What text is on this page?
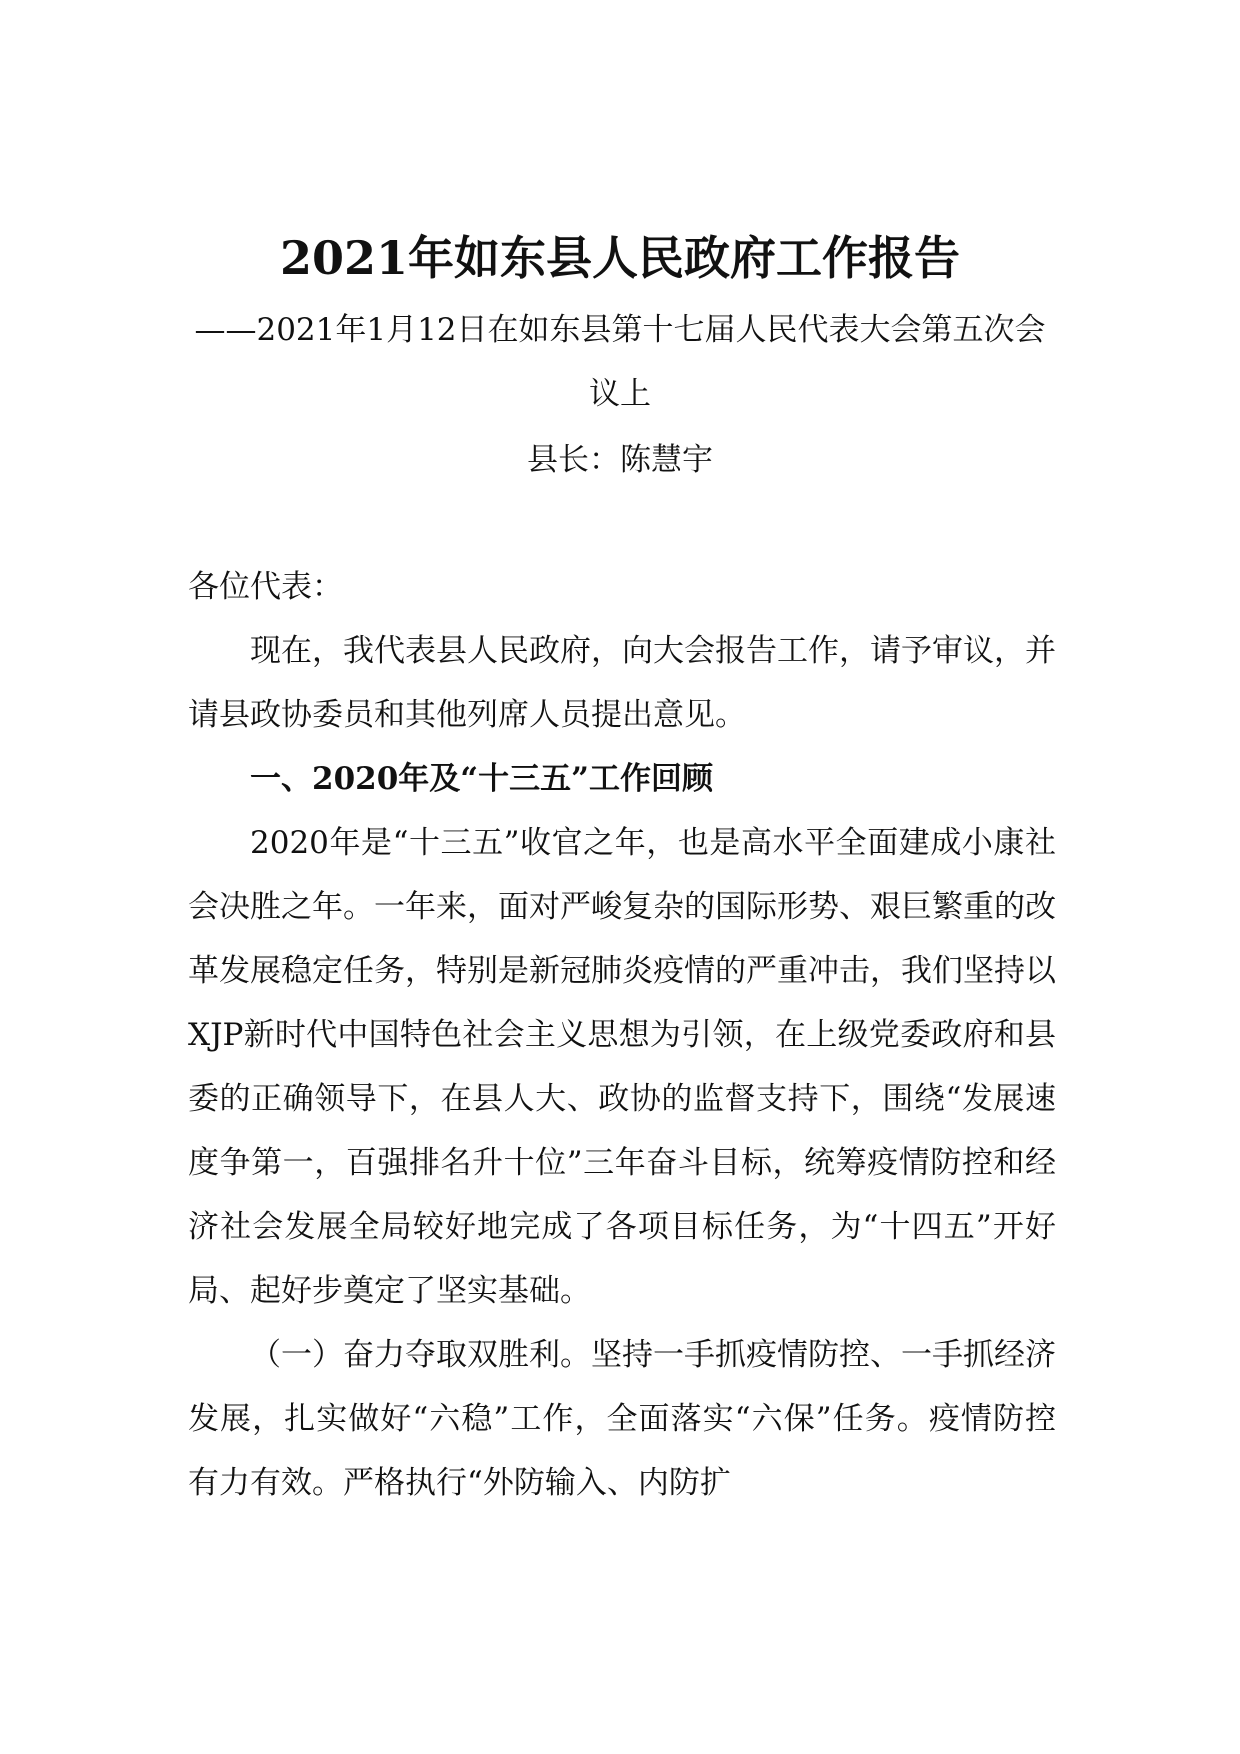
2021年如东县人民政府工作报告

——2021年1月12日在如东县第十七届人民代表大会第五次会议上

县长：陈慧宇

各位代表：

现在，我代表县人民政府，向大会报告工作，请予审议，并请县政协委员和其他列席人员提出意见。

一、2020年及“十三五”工作回顾

2020年是“十三五”收官之年，也是高水平全面建成小康社会决胜之年。一年来，面对严峻复杂的国际形势、艰巨繁重的改革发展稳定任务，特别是新冠肺炎疫情的严重冲击，我们坚持以XJP新时代中国特色社会主义思想为引领，在上级党委政府和县委的正确领导下，在县人大、政协的监督支持下，围绕“发展速度争第一，百强排名升十位”三年奋斗目标，统筹疫情防控和经济社会发展全局较好地完成了各项目标任务，为“十四五”开好局、起好步奠定了坚实基础。

（一）奋力夺取双胜利。坚持一手抓疫情防控、一手抓经济发展，扎实做好“六稳”工作，全面落实“六保”任务。疫情防控有力有效。严格执行“外防输入、内防扩
